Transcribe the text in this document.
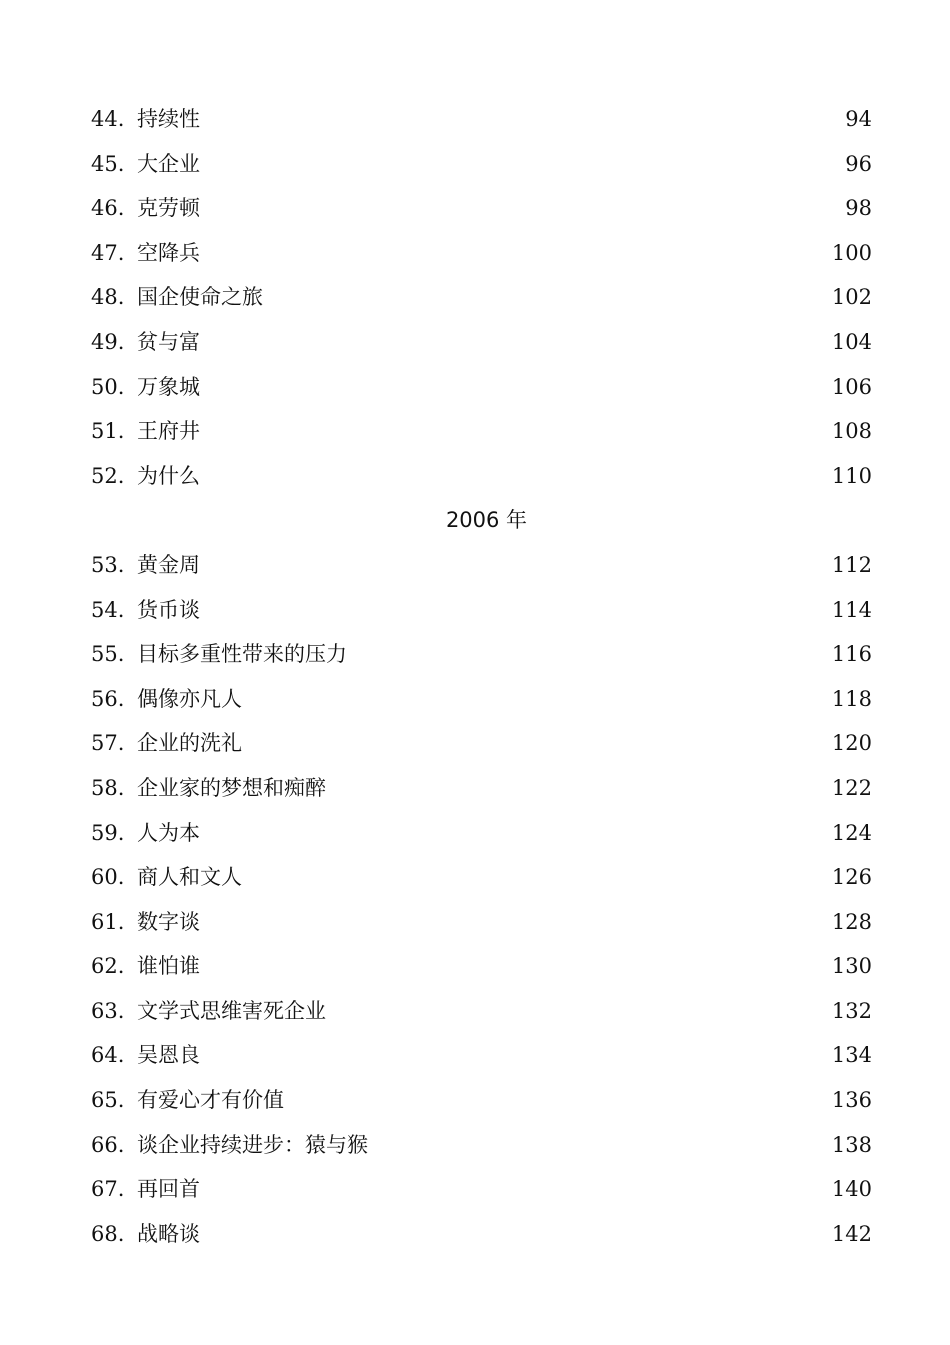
44. 持续性	94
45. 大企业	96
46. 克劳顿	98
47. 空降兵	100
48. 国企使命之旅	102
49. 贫与富	104
50. 万象城	106
51. 王府井	108
52. 为什么	110
2006 年
53. 黄金周	112
54. 货币谈	114
55. 目标多重性带来的压力	116
56. 偶像亦凡人	118
57. 企业的洗礼	120
58. 企业家的梦想和痴醉	122
59. 人为本	124
60. 商人和文人	126
61. 数字谈	128
62. 谁怕谁	130
63. 文学式思维害死企业	132
64. 吴恩良	134
65. 有爱心才有价值	136
66. 谈企业持续进步：猿与猴	138
67. 再回首	140
68. 战略谈	142
